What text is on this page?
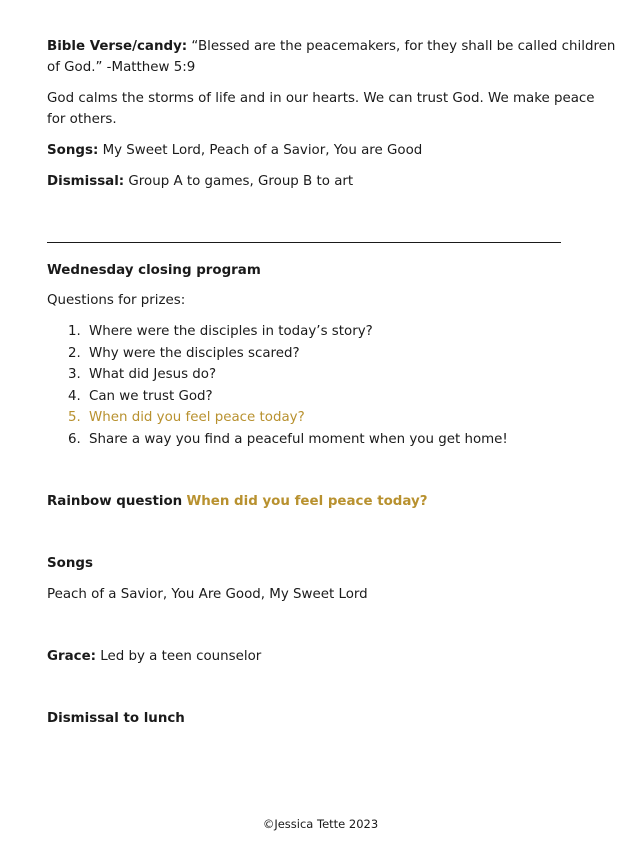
Bible Verse/candy: “Blessed are the peacemakers, for they shall be called children
of God.” -Matthew 5:9
God calms the storms of life and in our hearts. We can trust God. We make peace
for others.
Songs: My Sweet Lord, Peach of a Savior, You are Good
Dismissal: Group A to games, Group B to art
Wednesday closing program
Questions for prizes:
1. Where were the disciples in today’s story?
2. Why were the disciples scared?
3. What did Jesus do?
4. Can we trust God?
5. When did you feel peace today?
6. Share a way you find a peaceful moment when you get home!
Rainbow question When did you feel peace today?
Songs
Peach of a Savior, You Are Good, My Sweet Lord
Grace: Led by a teen counselor
Dismissal to lunch
©Jessica Tette 2023
